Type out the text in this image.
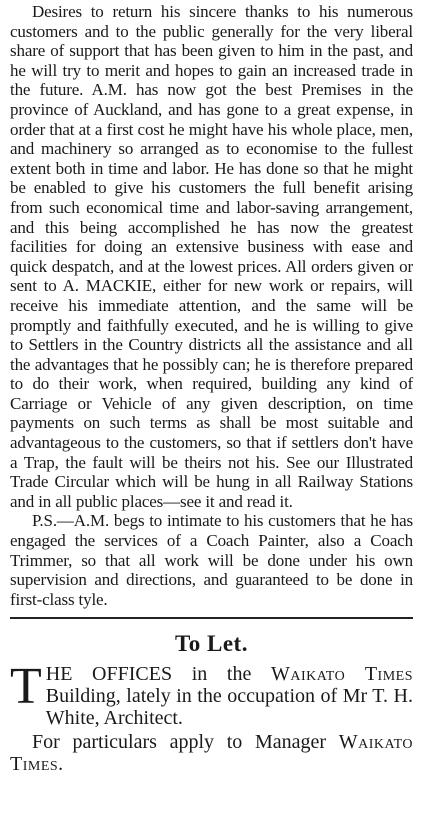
Desires to return his sincere thanks to his numerous customers and to the public generally for the very liberal share of support that has been given to him in the past, and he will try to merit and hopes to gain an increased trade in the future. A.M. has now got the best Premises in the province of Auckland, and has gone to a great expense, in order that at a first cost he might have his whole place, men, and machinery so arranged as to economise to the fullest extent both in time and labor. He has done so that he might be enabled to give his customers the full benefit arising from such economical time and labor-saving arrangement, and this being accomplished he has now the greatest facilities for doing an extensive business with ease and quick despatch, and at the lowest prices. All orders given or sent to A. MACKIE, either for new work or repairs, will receive his immediate attention, and the same will be promptly and faithfully executed, and he is willing to give to Settlers in the Country districts all the assistance and all the advantages that he possibly can; he is therefore prepared to do their work, when required, building any kind of Carriage or Vehicle of any given description, on time payments on such terms as shall be most suitable and advantageous to the customers, so that if settlers don't have a Trap, the fault will be theirs not his. See our Illustrated Trade Circular which will be hung in all Railway Stations and in all public places—see it and read it.

P.S.—A.M. begs to intimate to his customers that he has engaged the services of a Coach Painter, also a Coach Trimmer, so that all work will be done under his own supervision and directions, and guaranteed to be done in first-class tyle.

To Let.

THE OFFICES in the Waikato Times Building, lately in the occupation of Mr T. H. White, Architect.

For particulars apply to Manager Waikato Times.
